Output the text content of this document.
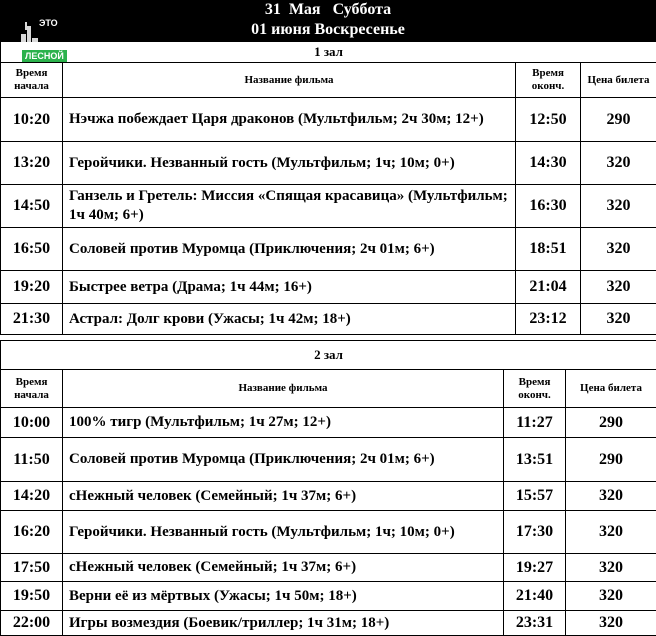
31  Мая   Суббота
01 июня Воскресенье
ЭТО
ЛЕСНОЙ	1 зал			
Время начала	Название фильма	Время оконч.	Цена билета
10:20	Нэчжа побеждает Царя драконов (Мультфильм; 2ч 30м; 12+)	12:50	290
13:20	Геройчики. Незванный гость (Мультфильм; 1ч; 10м; 0+)	14:30	320
14:50	Ганзель и Гретель: Миссия «Спящая красавица» (Мультфильм; 1ч 40м; 6+)	16:30	320
16:50	Соловей против Муромца (Приключения; 2ч 01м; 6+)	18:51	320
19:20	Быстрее ветра (Драма; 1ч 44м; 16+)	21:04	320
21:30	Астрал: Долг крови (Ужасы; 1ч 42м; 18+)	23:12	320
2 зал			
Время начала	Название фильма	Время оконч.	Цена билета
10:00	100% тигр (Мультфильм; 1ч 27м; 12+)	11:27	290
11:50	Соловей против Муромца (Приключения; 2ч 01м; 6+)	13:51	290
14:20	сНежный человек (Семейный; 1ч 37м; 6+)	15:57	320
16:20	Геройчики. Незванный гость (Мультфильм; 1ч; 10м; 0+)	17:30	320
17:50	сНежный человек (Семейный; 1ч 37м; 6+)	19:27	320
19:50	Верни её из мёртвых (Ужасы; 1ч 50м; 18+)	21:40	320
22:00	Игры возмездия (Боевик/триллер; 1ч 31м; 18+)	23:31	320
